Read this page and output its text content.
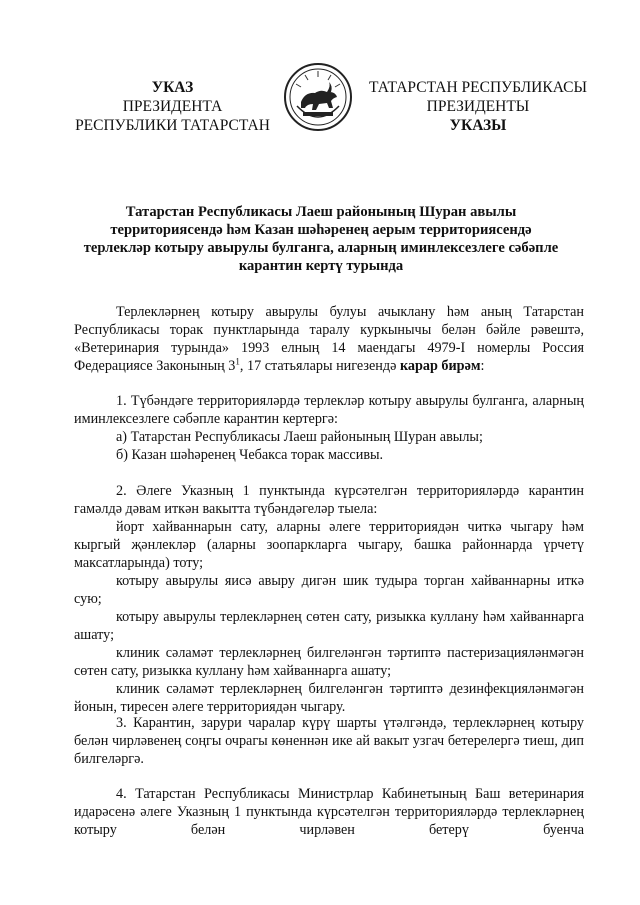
УКАЗ
ПРЕЗИДЕНТА
РЕСПУБЛИКИ ТАТАРСТАН
ТАТАРСТАН РЕСПУБЛИКАСЫ
ПРЕЗИДЕНТЫ
УКАЗЫ
Татарстан Республикасы Лаеш районының Шуран авылы
территориясендә һәм Казан шәһәренең аерым территориясендә
терлекләр котыру авырулы булганга, аларның иминлексезлеге сәбәпле
карантин кертү турында

Терлекләрнең котыру авырулы булуы ачыклану һәм аның Татарстан Республикасы торак пунктларында таралу куркынычы белән бәйле рәвештә, «Ветеринария турында» 1993 елның 14 маендагы 4979-I номерлы Россия Федерациясе Законының $3^1$, 17 статьялары нигезендә карар бирәм:

1. Түбәндәге территорияләрдә терлекләр котыру авырулы булганга, аларның иминлексезлеге сәбәпле карантин кертергә:

а) Татарстан Республикасы Лаеш районының Шуран авылы;

б) Казан шәһәренең Чебакса торак массивы.

2. Әлеге Указның 1 пунктында күрсәтелгән территорияләрдә карантин гамәлдә дәвам иткән вакытта түбәндәгеләр тыела:

йорт хайваннарын сату, аларны әлеге территориядән читкә чыгару һәм кыргый җәнлекләр (аларны зоопаркларга чыгару, башка районнарда үрчетү максатларында) тоту;

котыру авырулы яисә авыру дигән шик тудыра торган хайваннарны иткә сую;

котыру авырулы терлекләрнең сөтен сату, ризыкка куллану һәм хайваннарга ашату;

клиник сәламәт терлекләрнең билгеләнгән тәртиптә пастеризацияләнмәгән сөтен сату, ризыкка куллану һәм хайваннарга ашату;

клиник сәламәт терлекләрнең билгеләнгән тәртиптә дезинфекцияләнмәгән йонын, тиресен әлеге территориядән чыгару.

3. Карантин, зарури чаралар күрү шарты үтәлгәндә, терлекләрнең котыру белән чирләвенең соңгы очрагы көненнән ике ай вакыт узгач бетерелергә тиеш, дип билгеләргә.

4. Татарстан Республикасы Министрлар Кабинетының Баш ветеринария идарәсенә әлеге Указның 1 пунктында күрсәтелгән территорияләрдә терлекләрнең котыру белән чирләвен бетерү буенча
